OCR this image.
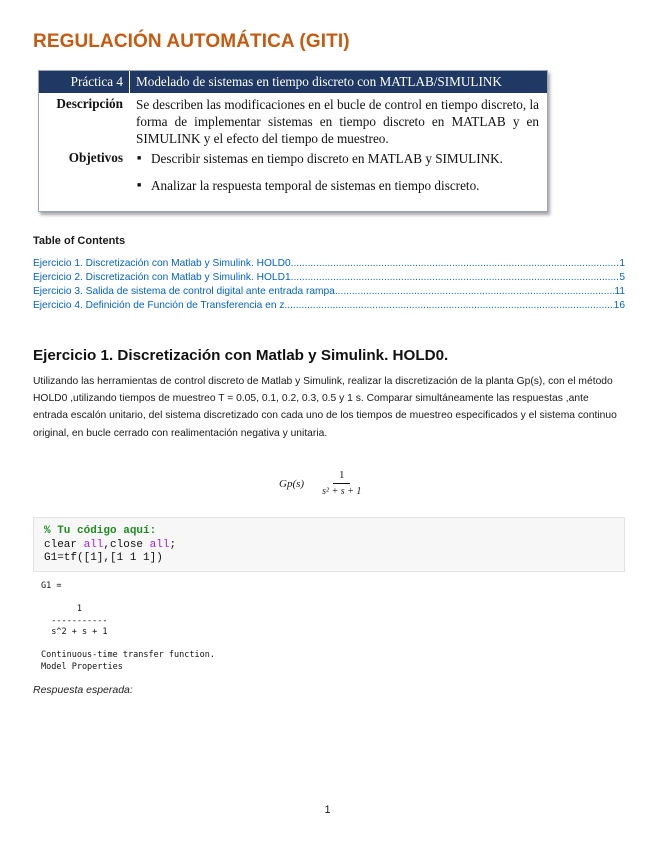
REGULACIÓN AUTOMÁTICA (GITI)
Práctica 4 Modelado de sistemas en tiempo discreto con MATLAB/SIMULINK
Descripción Se describen las modificaciones en el bucle de control en tiempo discreto, la forma de implementar sistemas en tiempo discreto en MATLAB y en SIMULINK y el efecto del tiempo de muestreo.
Objetivos	■ Describir sistemas en tiempo discreto en MATLAB y SIMULINK.
■ Analizar la respuesta temporal de sistemas en tiempo discreto.
Table of Contents
Ejercicio 1. Discretización con Matlab y Simulink. HOLD0 .....	1
Ejercicio 2. Discretización con Matlab y Simulink. HOLD1 .....	5
Ejercicio 3. Salida de sistema de control digital ante entrada rampa .....	11
Ejercicio 4. Definición de Función de Transferencia en z .....	16
Ejercicio 1. Discretización con Matlab y Simulink. HOLD0.
Utilizando las herramientas de control discreto de Matlab y Simulink, realizar la discretización de la planta Gp(s), con el método HOLD0 ,utilizando tiempos de muestreo T = 0.05, 0.1, 0.2, 0.3, 0.5 y 1 s. Comparar simultáneamente las respuestas ,ante entrada escalón unitario, del sistema discretizado con cada uno de los tiempos de muestreo especificados y el sistema continuo original, en bucle cerrado con realimentación negativa y unitaria.
$Gp(s) \frac{1}{\text{s² + s + 1}}$
% Tu código aquí:
clear all,close all;
G1=tf([1],[1 1 1])
G1 =

1
-----------
s^2 + s + 1

Continuous-time transfer function.
Model Properties
Respuesta esperada:
1
